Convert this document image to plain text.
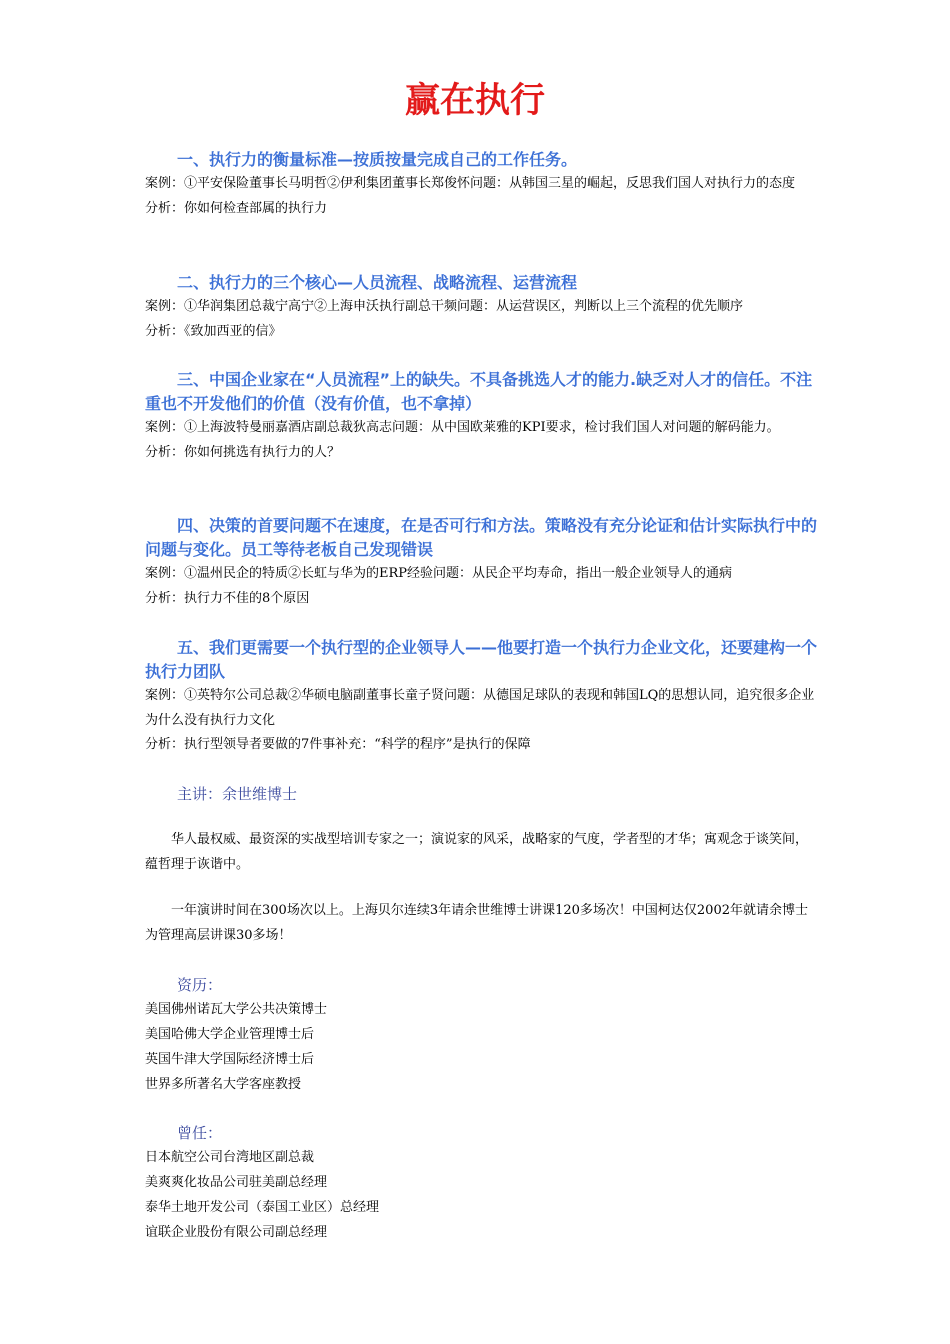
赢在执行

一、执行力的衡量标准—按质按量完成自己的工作任务。

案例：①平安保险董事长马明哲②伊利集团董事长郑俊怀问题：从韩国三星的崛起，反思我们国人对执行力的态度

分析：你如何检查部属的执行力

二、执行力的三个核心—人员流程、战略流程、运营流程

案例：①华润集团总裁宁高宁②上海申沃执行副总干频问题：从运营误区，判断以上三个流程的优先顺序

分析：《致加西亚的信》

三、中国企业家在“人员流程”上的缺失。不具备挑选人才的能力.缺乏对人才的信任。不注重也不开发他们的价值（没有价值，也不拿掉）

案例：①上海波特曼丽嘉酒店副总裁狄高志问题：从中国欧莱雅的KPI要求，检讨我们国人对问题的解码能力。

分析：你如何挑选有执行力的人？

四、决策的首要问题不在速度，在是否可行和方法。策略没有充分论证和估计实际执行中的问题与变化。员工等待老板自己发现错误

案例：①温州民企的特质②长虹与华为的ERP经验问题：从民企平均寿命，指出一般企业领导人的通病

分析：执行力不佳的8个原因

五、我们更需要一个执行型的企业领导人——他要打造一个执行力企业文化，还要建构一个执行力团队

案例：①英特尔公司总裁②华硕电脑副董事长童子贤问题：从德国足球队的表现和韩国LQ的思想认同，追究很多企业为什么没有执行力文化

分析：执行型领导者要做的7件事补充：“科学的程序”是执行的保障

主讲：余世维博士

华人最权威、最资深的实战型培训专家之一；演说家的风采，战略家的气度，学者型的才华；寓观念于谈笑间，蕴哲理于诙谐中。

一年演讲时间在300场次以上。上海贝尔连续3年请余世维博士讲课120多场次！中国柯达仅2002年就请余博士为管理高层讲课30多场！

资历：

美国佛州诺瓦大学公共决策博士

美国哈佛大学企业管理博士后

英国牛津大学国际经济博士后

世界多所著名大学客座教授

曾任：

日本航空公司台湾地区副总裁

美爽爽化妆品公司驻美副总经理

泰华土地开发公司（泰国工业区）总经理

谊联企业股份有限公司副总经理
